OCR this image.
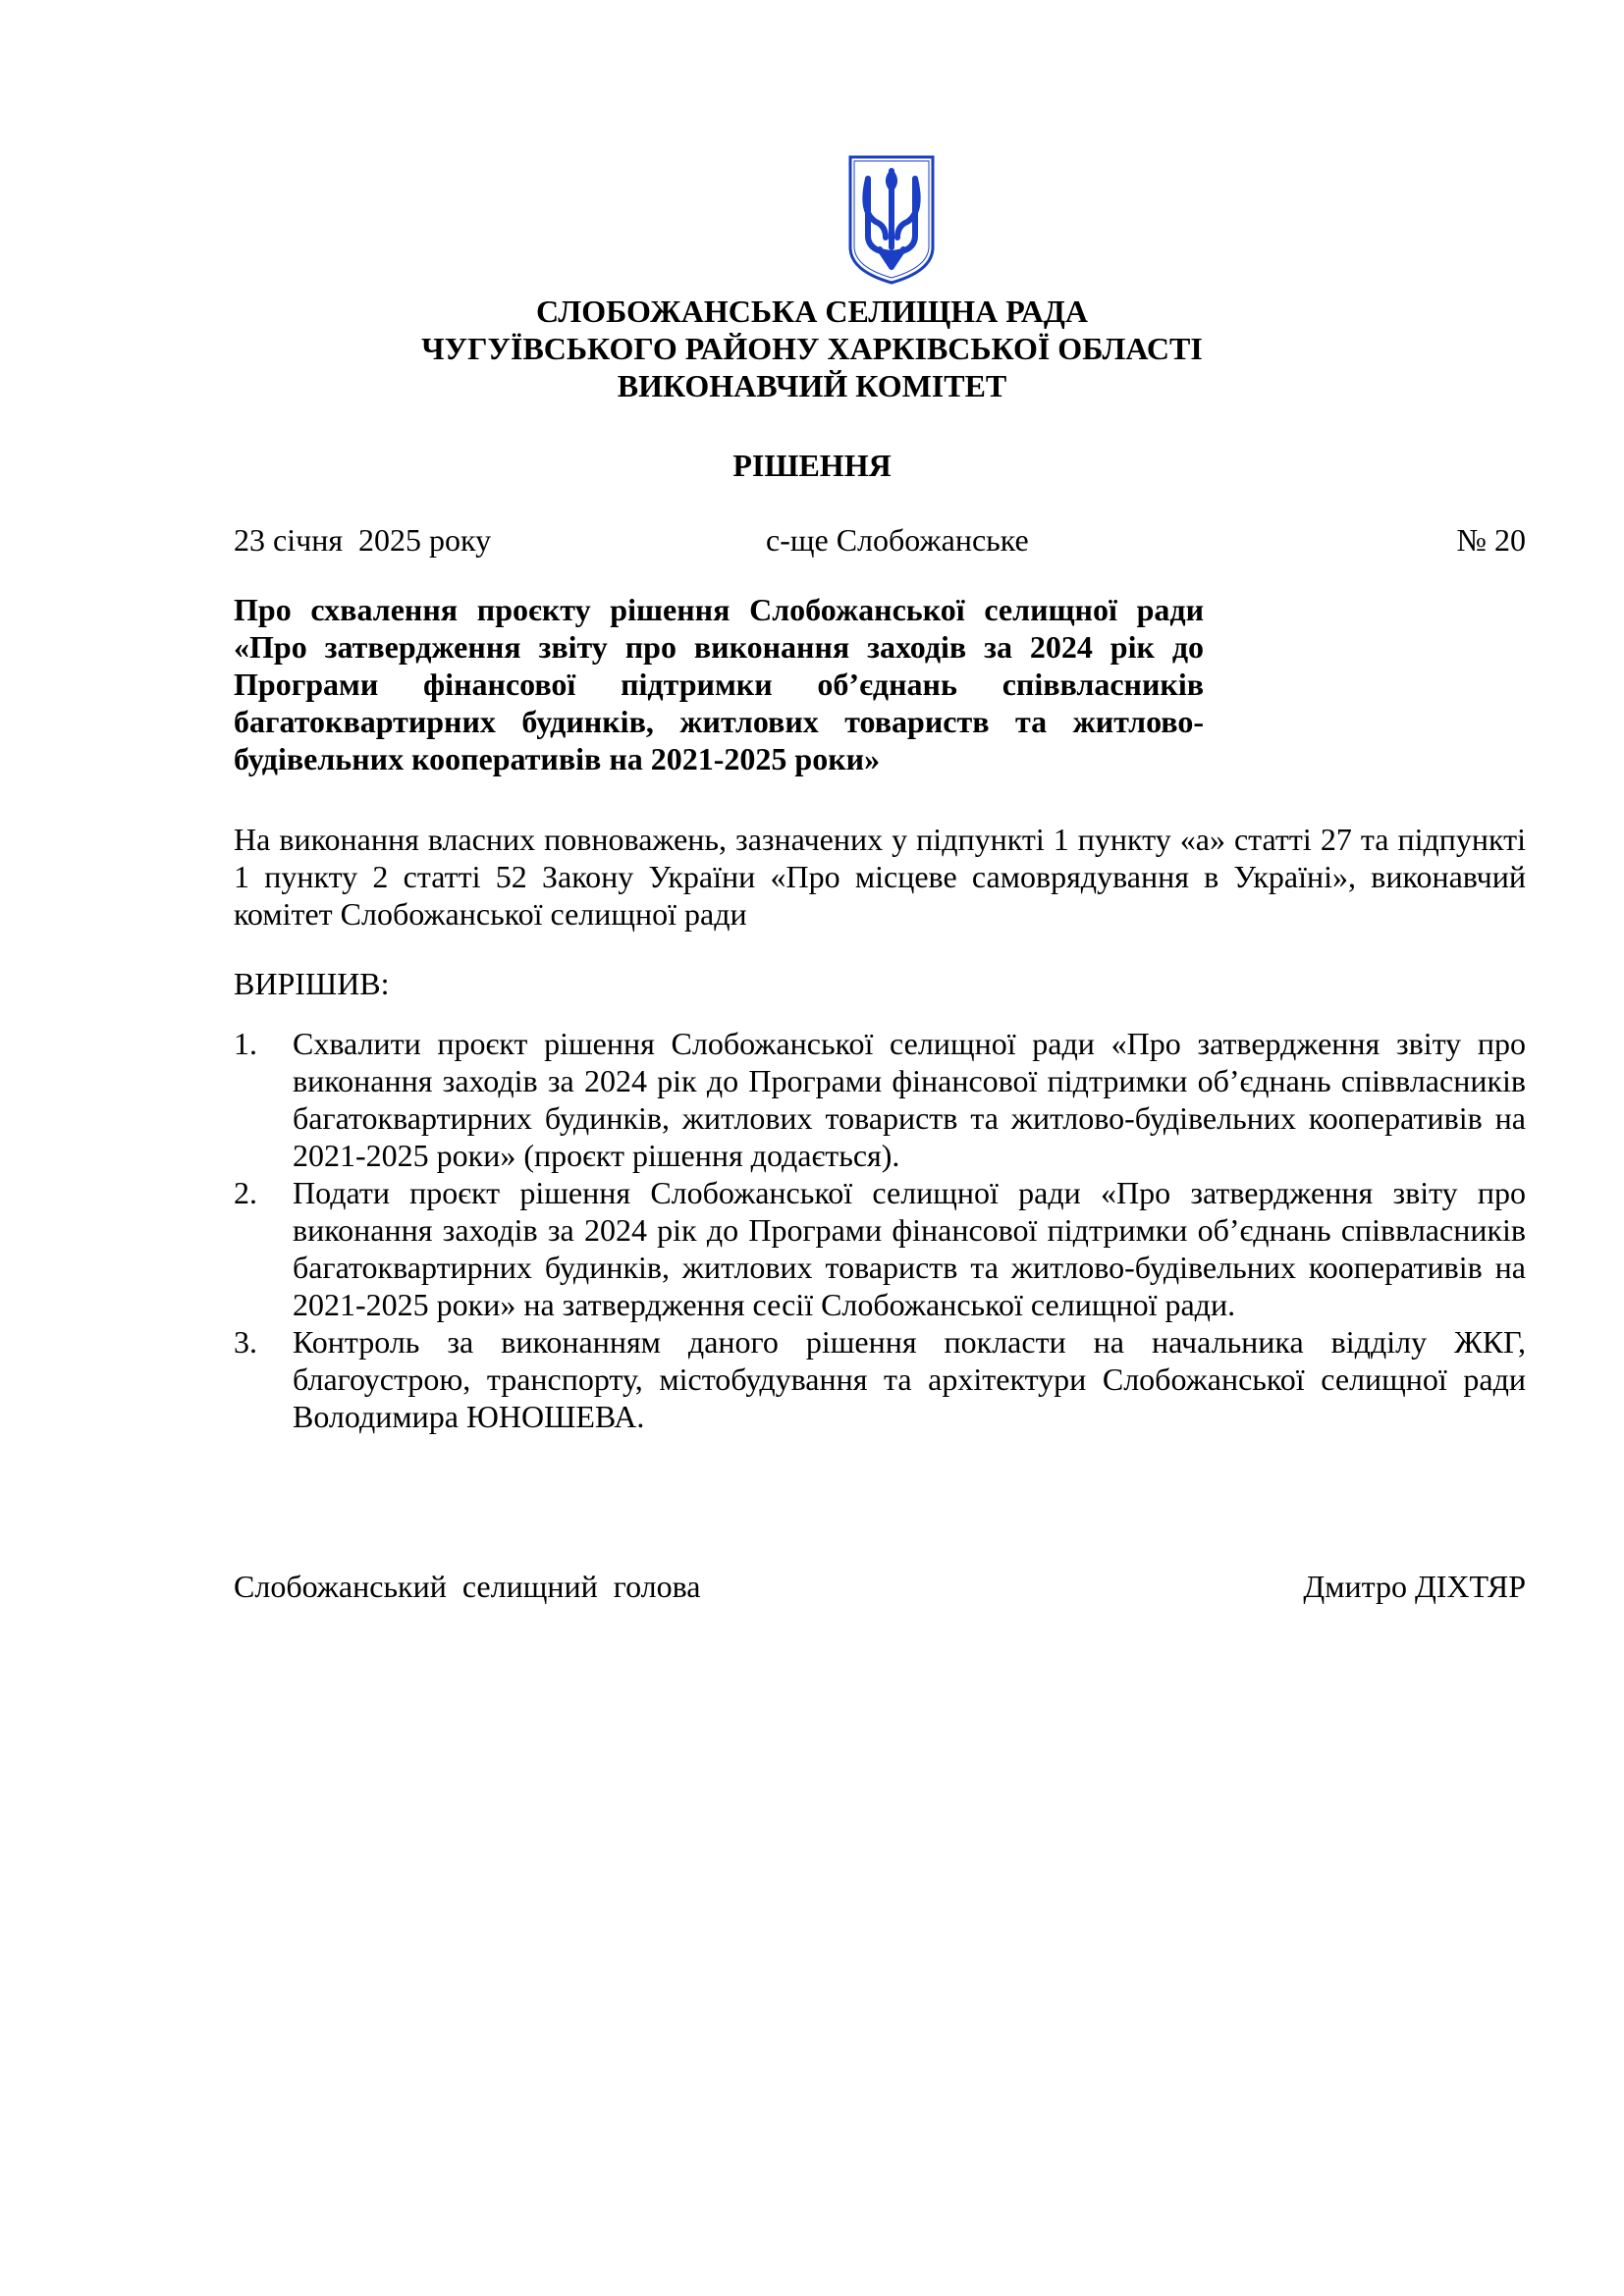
СЛОБОЖАНСЬКА СЕЛИЩНА РАДА
ЧУГУЇВСЬКОГО РАЙОНУ ХАРКІВСЬКОЇ ОБЛАСТІ
ВИКОНАВЧИЙ КОМІТЕТ
РІШЕННЯ
23 січня  2025 року	с-ще Слобожанське	№ 20
Про схвалення проєкту рішення Слобожанської селищної ради «Про затвердження звіту про виконання заходів за 2024 рік до Програми фінансової підтримки об’єднань співвласників багатоквартирних будинків, житлових товариств та житлово-будівельних кооперативів на 2021-2025 роки»
На виконання власних повноважень, зазначених у підпункті 1 пункту «а» статті 27 та підпункті 1 пункту 2 статті 52 Закону України «Про місцеве самоврядування в Україні», виконавчий комітет Слобожанської селищної ради
ВИРІШИВ:
1. Схвалити проєкт рішення Слобожанської селищної ради «Про затвердження звіту про виконання заходів за 2024 рік до Програми фінансової підтримки об’єднань співвласників багатоквартирних будинків, житлових товариств та житлово-будівельних кооперативів на 2021-2025 роки» (проєкт рішення додається).
2. Подати проєкт рішення Слобожанської селищної ради «Про затвердження звіту про виконання заходів за 2024 рік до Програми фінансової підтримки об’єднань співвласників багатоквартирних будинків, житлових товариств та житлово-будівельних кооперативів на 2021-2025 роки» на затвердження сесії Слобожанської селищної ради.
3. Контроль за виконанням даного рішення покласти на начальника відділу ЖКГ, благоустрою, транспорту, містобудування та архітектури Слобожанської селищної ради Володимира ЮНОШЕВА.
Слобожанський  селищний  голова	Дмитро ДІХТЯР
